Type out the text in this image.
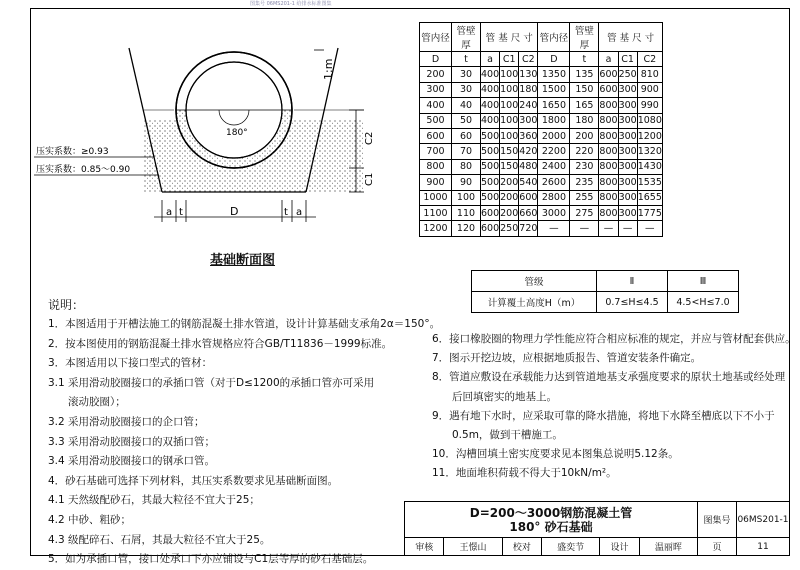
图集号 06MS201-1 给排水标准图集
压实系数：≥0.93
压实系数：0.85～0.90
180°
1:m
C2
C1
a t	D	t a
基础断面图
管内径	管壁厚	管 基 尺 寸			管内径	管壁厚	管 基 尺 寸		
D	t	a	C1	C2	D	t	a	C1	C2
200	30	400	100	130	1350	135	600	250	810
300	30	400	100	180	1500	150	600	300	900
400	40	400	100	240	1650	165	800	300	990
500	50	400	100	300	1800	180	800	300	1080
600	60	500	100	360	2000	200	800	300	1200
700	70	500	150	420	2200	220	800	300	1320
800	80	500	150	480	2400	230	800	300	1430
900	90	500	200	540	2600	235	800	300	1535
1000	100	500	200	600	2800	255	800	300	1655
1100	110	600	200	660	3000	275	800	300	1775
1200	120	600	250	720	—	—	—	—	—
管级	Ⅱ	Ⅲ
计算覆土高度H（m）	0.7≤H≤4.5	4.5<H≤7.0
说明：
1．本图适用于开槽法施工的钢筋混凝土排水管道，设计计算基础支承角2α＝150°。
2．按本图使用的钢筋混凝土排水管规格应符合GB/T11836－1999标准。
3．本图适用以下接口型式的管材：
3.1 采用滑动胶圈接口的承插口管（对于D≤1200的承插口管亦可采用
滚动胶圈）；
3.2 采用滑动胶圈接口的企口管；
3.3 采用滑动胶圈接口的双插口管；
3.4 采用滑动胶圈接口的钢承口管。
4．砂石基础可选择下列材料，其压实系数要求见基础断面图。
4.1 天然级配砂石，其最大粒径不宜大于25；
4.2 中砂、粗砂；
4.3 级配碎石、石屑，其最大粒径不宜大于25。
5．如为承插口管，接口处承口下亦应铺设与C1层等厚的砂石基础层。
6．接口橡胶圈的物理力学性能应符合相应标准的规定，并应与管材配套供应。
7．图示开挖边坡，应根据地质报告、管道安装条件确定。
8．管道应敷设在承载能力达到管道地基支承强度要求的原状土地基或经处理
后回填密实的地基上。
9．遇有地下水时，应采取可靠的降水措施，将地下水降至槽底以下不小于
0.5m，做到干槽施工。
10．沟槽回填土密实度要求见本图集总说明5.12条。
11．地面堆积荷载不得大于10kN/m²。
D=200～3000钢筋混凝土管
180° 砂石基础						图集号	06MS201-1

审核	王憬山	校对	盛奕节	设计	温丽晖	页	11
